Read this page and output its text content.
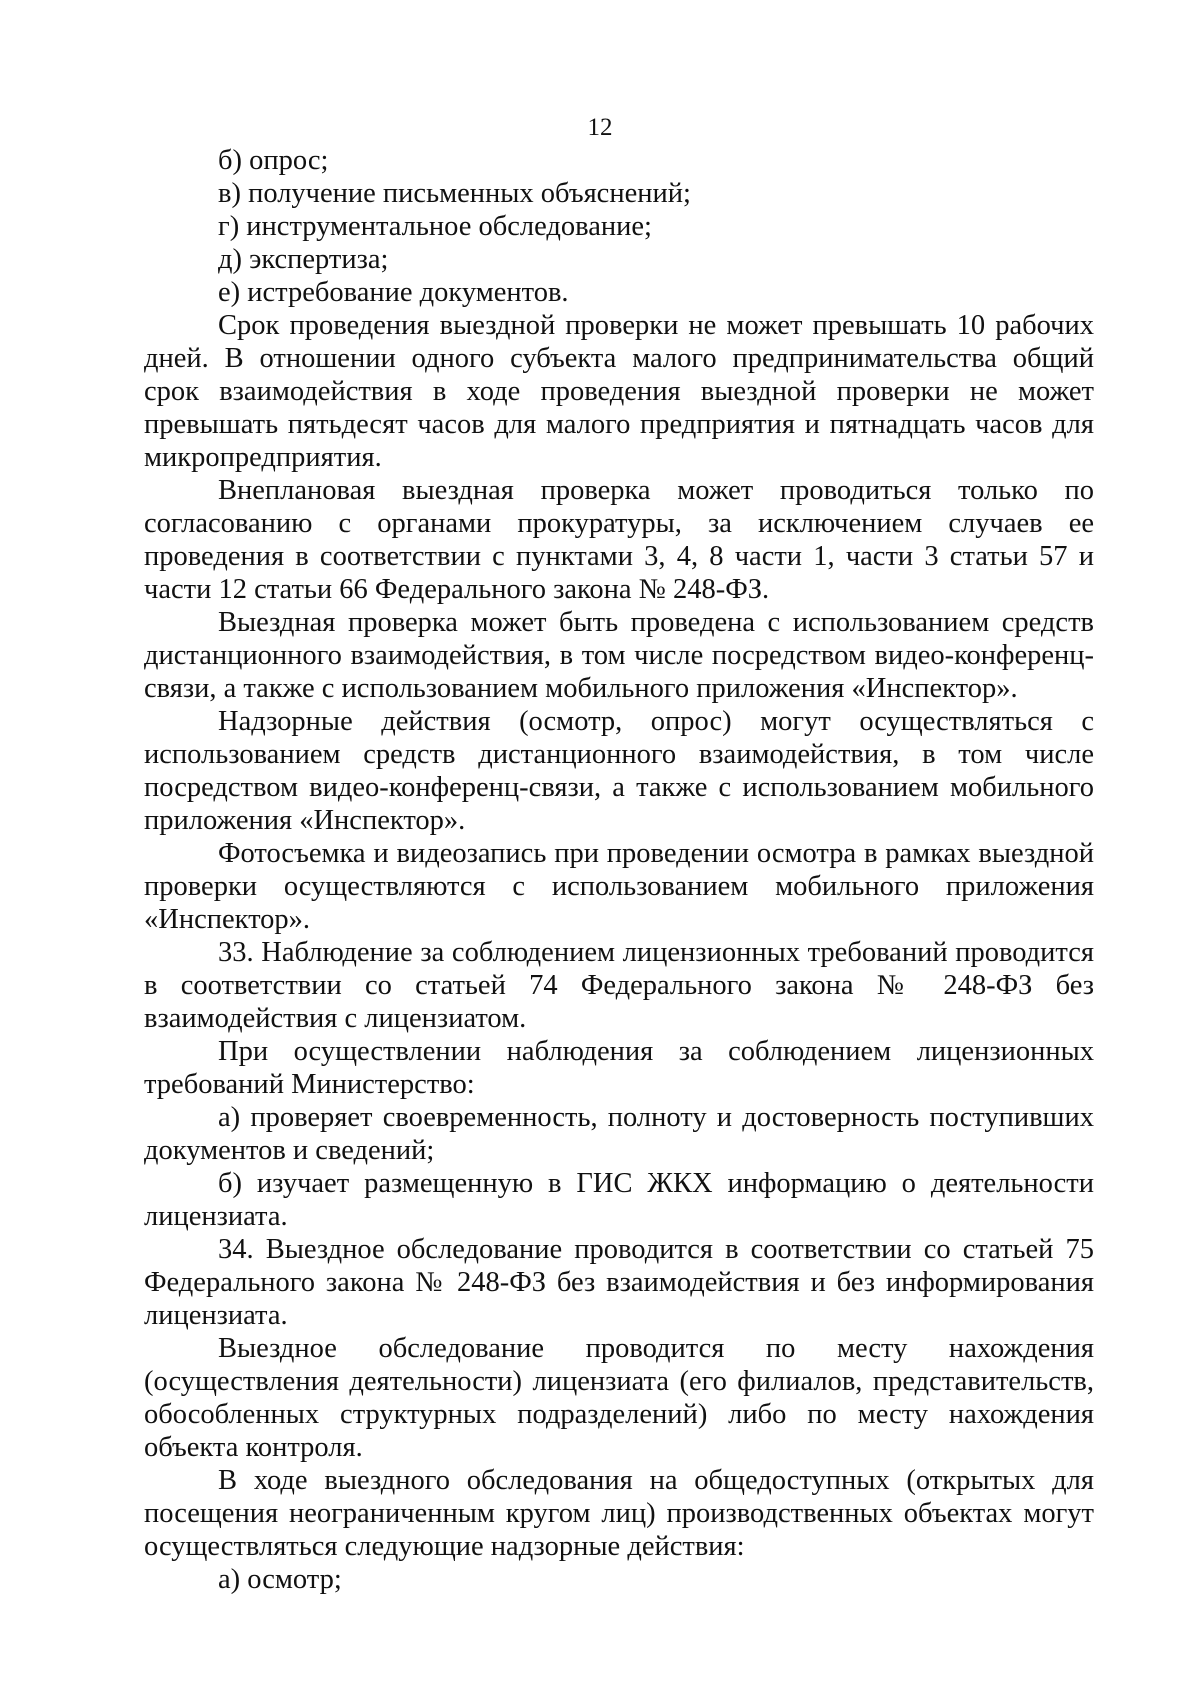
12

б) опрос;

в) получение письменных объяснений;

г) инструментальное обследование;

д) экспертиза;

е) истребование документов.

Срок проведения выездной проверки не может превышать 10 рабочих дней. В отношении одного субъекта малого предпринимательства общий срок взаимодействия в ходе проведения выездной проверки не может превышать пятьдесят часов для малого предприятия и пятнадцать часов для микропредприятия.

Внеплановая выездная проверка может проводиться только по согласованию с органами прокуратуры, за исключением случаев ее проведения в соответствии с пунктами 3, 4, 8 части 1, части 3 статьи 57 и части 12 статьи 66 Федерального закона № 248-ФЗ.

Выездная проверка может быть проведена с использованием средств дистанционного взаимодействия, в том числе посредством видео-конференц-связи, а также с использованием мобильного приложения «Инспектор».

Надзорные действия (осмотр, опрос) могут осуществляться с использованием средств дистанционного взаимодействия, в том числе посредством видео-конференц-связи, а также с использованием мобильного приложения «Инспектор».

Фотосъемка и видеозапись при проведении осмотра в рамках выездной проверки осуществляются с использованием мобильного приложения «Инспектор».

33. Наблюдение за соблюдением лицензионных требований проводится в соответствии со статьей 74 Федерального закона № 248-ФЗ без взаимодействия с лицензиатом.

При осуществлении наблюдения за соблюдением лицензионных требований Министерство:

а) проверяет своевременность, полноту и достоверность поступивших документов и сведений;

б) изучает размещенную в ГИС ЖКХ информацию о деятельности лицензиата.

34. Выездное обследование проводится в соответствии со статьей 75 Федерального закона № 248-ФЗ без взаимодействия и без информирования лицензиата.

Выездное обследование проводится по месту нахождения (осуществления деятельности) лицензиата (его филиалов, представительств, обособленных структурных подразделений) либо по месту нахождения объекта контроля.

В ходе выездного обследования на общедоступных (открытых для посещения неограниченным кругом лиц) производственных объектах могут осуществляться следующие надзорные действия:

а) осмотр;
